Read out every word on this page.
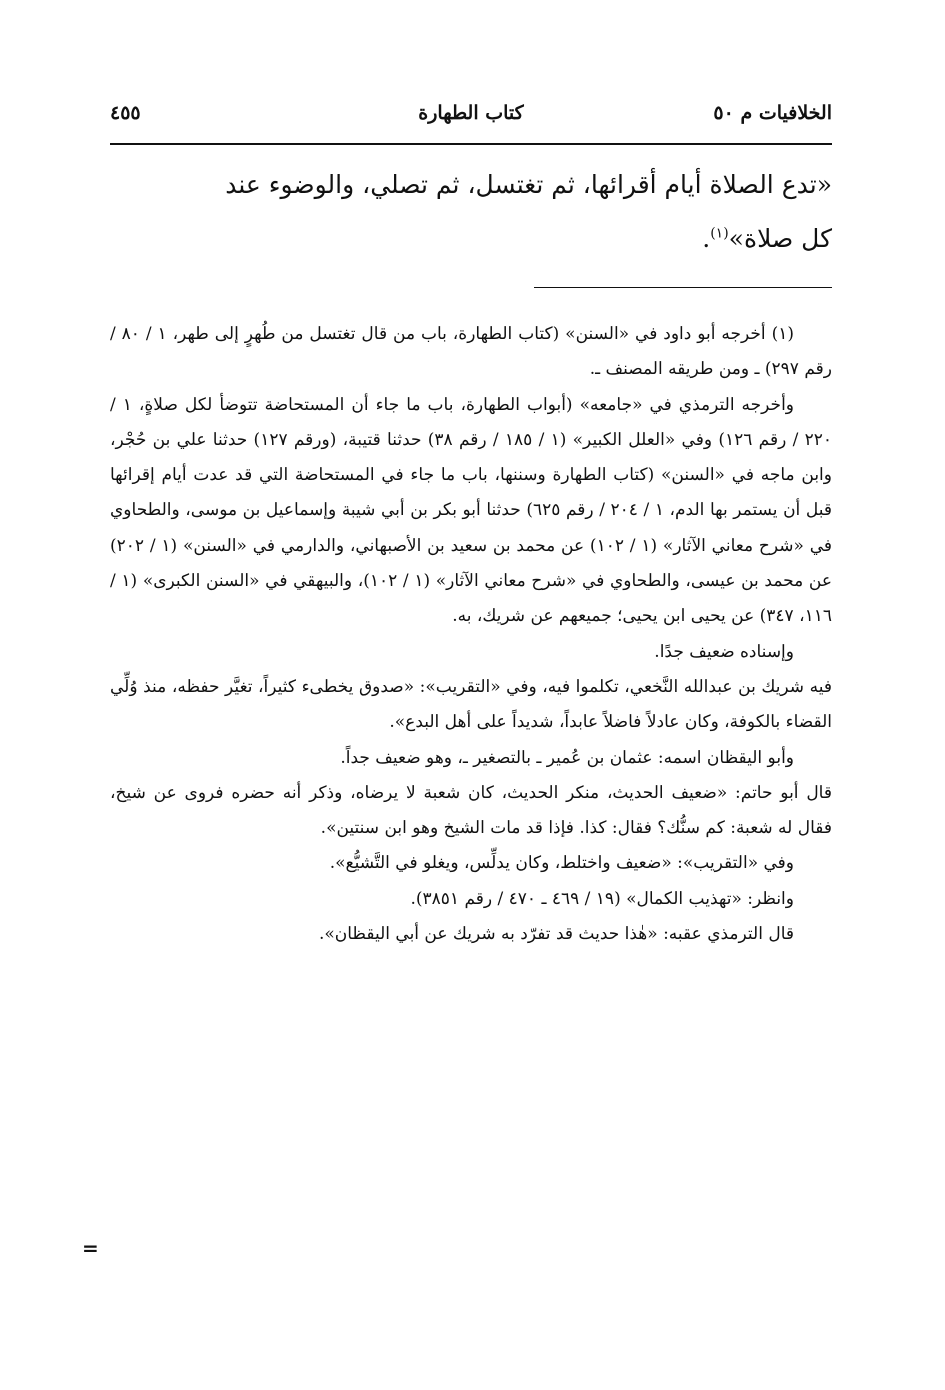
الخلافيات م ٥٠
كتاب الطهارة
٤٥٥
«تدع الصلاة أيام أقرائها، ثم تغتسل، ثم تصلي، والوضوء عند
كل صلاة»$^{(١)}$.

(١) أخرجه أبو داود في «السنن» (كتاب الطهارة، باب من قال تغتسل من طُهرٍ إلى طهر، ١ / ٨٠ / رقم ٢٩٧) ـ ومن طريقه المصنف ـ.

وأخرجه الترمذي في «جامعه» (أبواب الطهارة، باب ما جاء أن المستحاضة تتوضأ لكل صلاةٍ، ١ / ٢٢٠ / رقم ١٢٦) وفي «العلل الكبير» (١ / ١٨٥ / رقم ٣٨) حدثنا قتيبة، (ورقم ١٢٧) حدثنا علي بن حُجْر، وابن ماجه في «السنن» (كتاب الطهارة وسننها، باب ما جاء في المستحاضة التي قد عدت أيام إقرائها قبل أن يستمر بها الدم، ١ / ٢٠٤ / رقم ٦٢٥) حدثنا أبو بكر بن أبي شيبة وإسماعيل بن موسى، والطحاوي في «شرح معاني الآثار» (١ / ١٠٢) عن محمد بن سعيد بن الأصبهاني، والدارمي في «السنن» (١ / ٢٠٢) عن محمد بن عيسى، والطحاوي في «شرح معاني الآثار» (١ / ١٠٢)، والبيهقي في «السنن الكبرى» (١ / ١١٦، ٣٤٧) عن يحيى ابن يحيى؛ جميعهم عن شريك، به.

وإسناده ضعيف جدًا.

فيه شريك بن عبدالله النَّخعي، تكلموا فيه، وفي «التقريب»: «صدوق يخطىء كثيراً، تغيَّر حفظه، منذ وُلِّي القضاء بالكوفة، وكان عادلاً فاضلاً عابداً، شديداً على أهل البدع».

وأبو اليقظان اسمه: عثمان بن عُمير ـ بالتصغير ـ، وهو ضعيف جداً.

قال أبو حاتم: «ضعيف الحديث، منكر الحديث، كان شعبة لا يرضاه، وذكر أنه حضره فروى عن شيخ، فقال له شعبة: كم سنُّك؟ فقال: كذا. فإذا قد مات الشيخ وهو ابن سنتين».

وفي «التقريب»: «ضعيف واختلط، وكان يدلِّس، ويغلو في التَّشيُّع».

وانظر: «تهذيب الكمال» (١٩ / ٤٦٩ ـ ٤٧٠ / رقم ٣٨٥١).

قال الترمذي عقبه: «هٰذا حديث قد تفرّد به شريك عن أبي اليقظان».

=
